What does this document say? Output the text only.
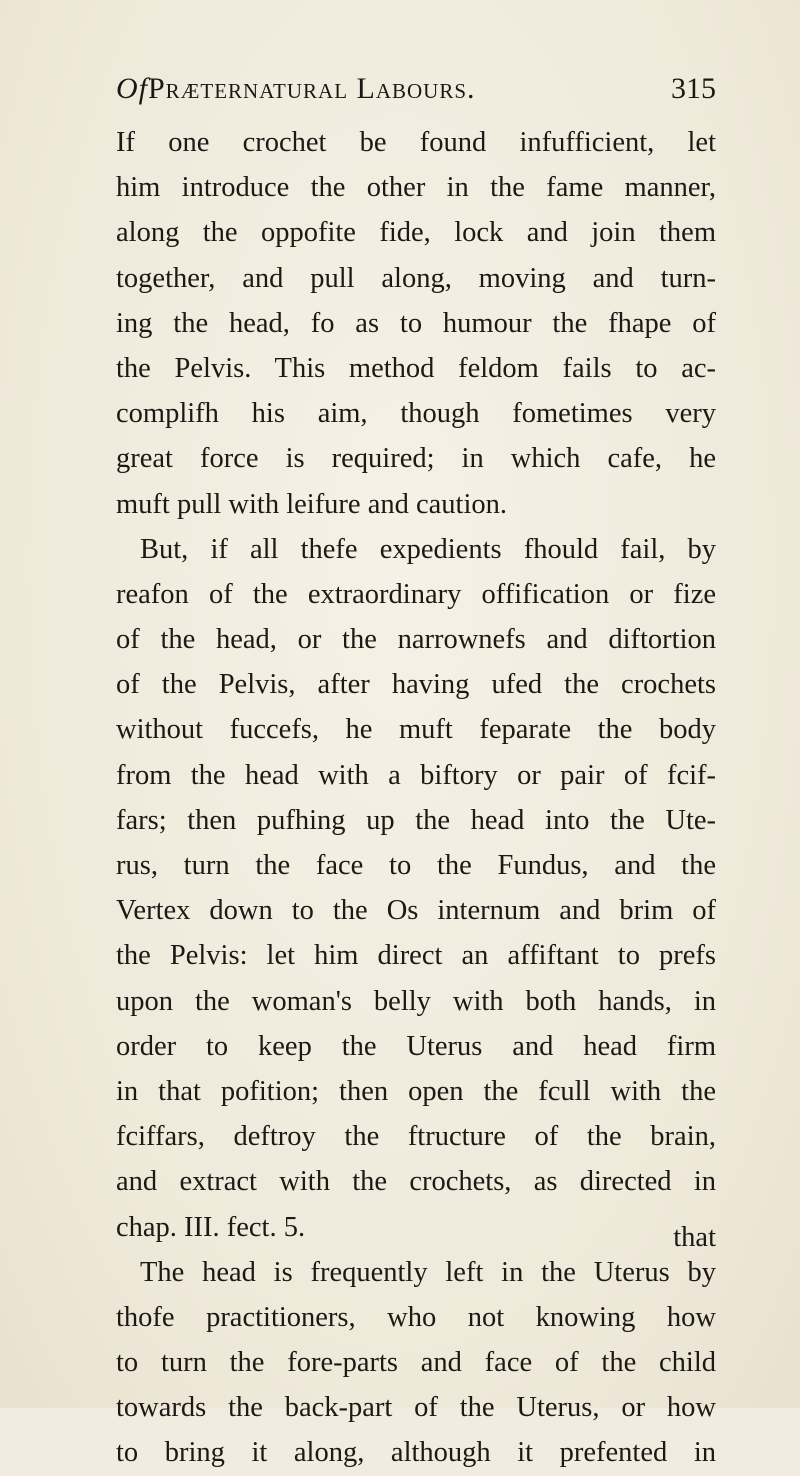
OfPræternatural Labours.	315
If one crochet be found infufficient, let
him introduce the other in the fame manner,
along the oppofite fide, lock and join them
together, and pull along, moving and turn-
ing the head, fo as to humour the fhape of
the Pelvis. This method feldom fails to ac-
complifh his aim, though fometimes very
great force is required; in which cafe, he
muft pull with leifure and caution.
But, if all thefe expedients fhould fail, by
reafon of the extraordinary offification or fize
of the head, or the narrownefs and diftortion
of the Pelvis, after having ufed the crochets
without fuccefs, he muft feparate the body
from the head with a biftory or pair of fcif-
fars; then pufhing up the head into the Ute-
rus, turn the face to the Fundus, and the
Vertex down to the Os internum and brim of
the Pelvis: let him direct an affiftant to prefs
upon the woman's belly with both hands, in
order to keep the Uterus and head firm
in that pofition; then open the fcull with the
fciffars, deftroy the ftructure of the brain,
and extract with the crochets, as directed in
chap. III. fect. 5.
The head is frequently left in the Uterus by
thofe practitioners, who not knowing how
to turn the fore-parts and face of the child
towards the back-part of the Uterus, or how
to bring it along, although it prefented in
that
